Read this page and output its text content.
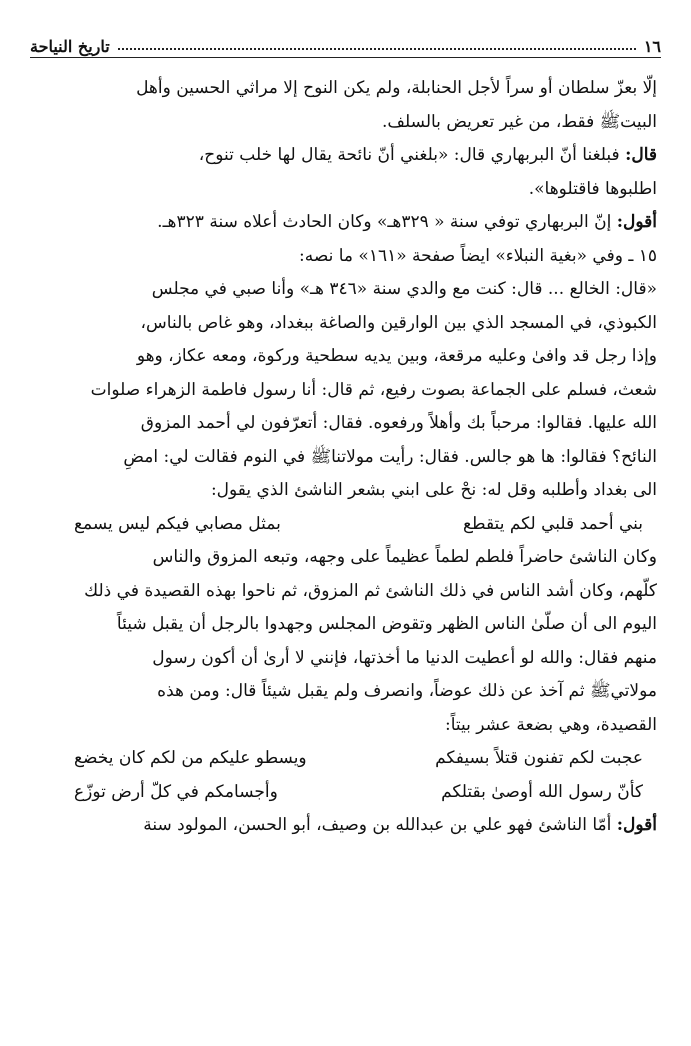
١٦
تاريخ النياحة
إلّا بعزّ سلطان أو سراً لأجل الحنابلة، ولم يكن النوح إلا مراثي الحسين وأهل
البيتﷺ فقط، من غير تعريض بالسلف.
قال: فبلغنا أنّ البربهاري قال: «بلغني أنّ نائحة يقال لها خلب تنوح،
اطلبوها فاقتلوها».
أقول: إنّ البربهاري توفي سنة « ٣٢٩هـ» وكان الحادث أعلاه سنة ٣٢٣هـ.
١٥ ـ وفي «بغية النبلاء» ايضاً صفحة «١٦١» ما نصه:
«قال: الخالع ... قال: كنت مع والدي سنة «٣٤٦ هـ» وأنا صبي في مجلس
الكبوذي، في المسجد الذي بين الوارقين والصاغة ببغداد، وهو غاص بالناس،
وإذا رجل قد وافىٰ وعليه مرقعة، وبين يديه سطحية وركوة، ومعه عكاز، وهو
شعث، فسلم على الجماعة بصوت رفيع، ثم قال: أنا رسول فاطمة الزهراء صلوات
الله عليها. فقالوا: مرحباً بك وأهلاً ورفعوه. فقال: أتعرّفون لي أحمد المزوق
النائح؟ فقالوا: ها هو جالس. فقال: رأيت مولاتناﷺ في النوم فقالت لي: امضِ
الى بغداد وأطلبه وقل له: نحْ على ابني بشعر الناشئ الذي يقول:
بني أحمد قلبي لكم يتقطع
بمثل مصابي فيكم ليس يسمع
وكان الناشئ حاضراً فلطم لطماً عظيماً على وجهه، وتبعه المزوق والناس
كلّهم، وكان أشد الناس في ذلك الناشئ ثم المزوق، ثم ناحوا بهذه القصيدة في ذلك
اليوم الى أن صلّىٰ الناس الظهر وتقوض المجلس وجهدوا بالرجل أن يقبل شيئاً
منهم فقال: والله لو أعطيت الدنيا ما أخذتها، فإنني لا أرىٰ أن أكون رسول
مولاتيﷺ ثم آخذ عن ذلك عوضاً، وانصرف ولم يقبل شيئاً قال: ومن هذه
القصيدة، وهي بضعة عشر بيتاً:
عجبت لكم تفنون قتلاً بسيفكم
ويسطو عليكم من لكم كان يخضع
كأنّ رسول الله أوصىٰ بقتلكم
وأجسامكم في كلّ أرض توزّع
أقول: أمّا الناشئ فهو علي بن عبدالله بن وصيف، أبو الحسن، المولود سنة
